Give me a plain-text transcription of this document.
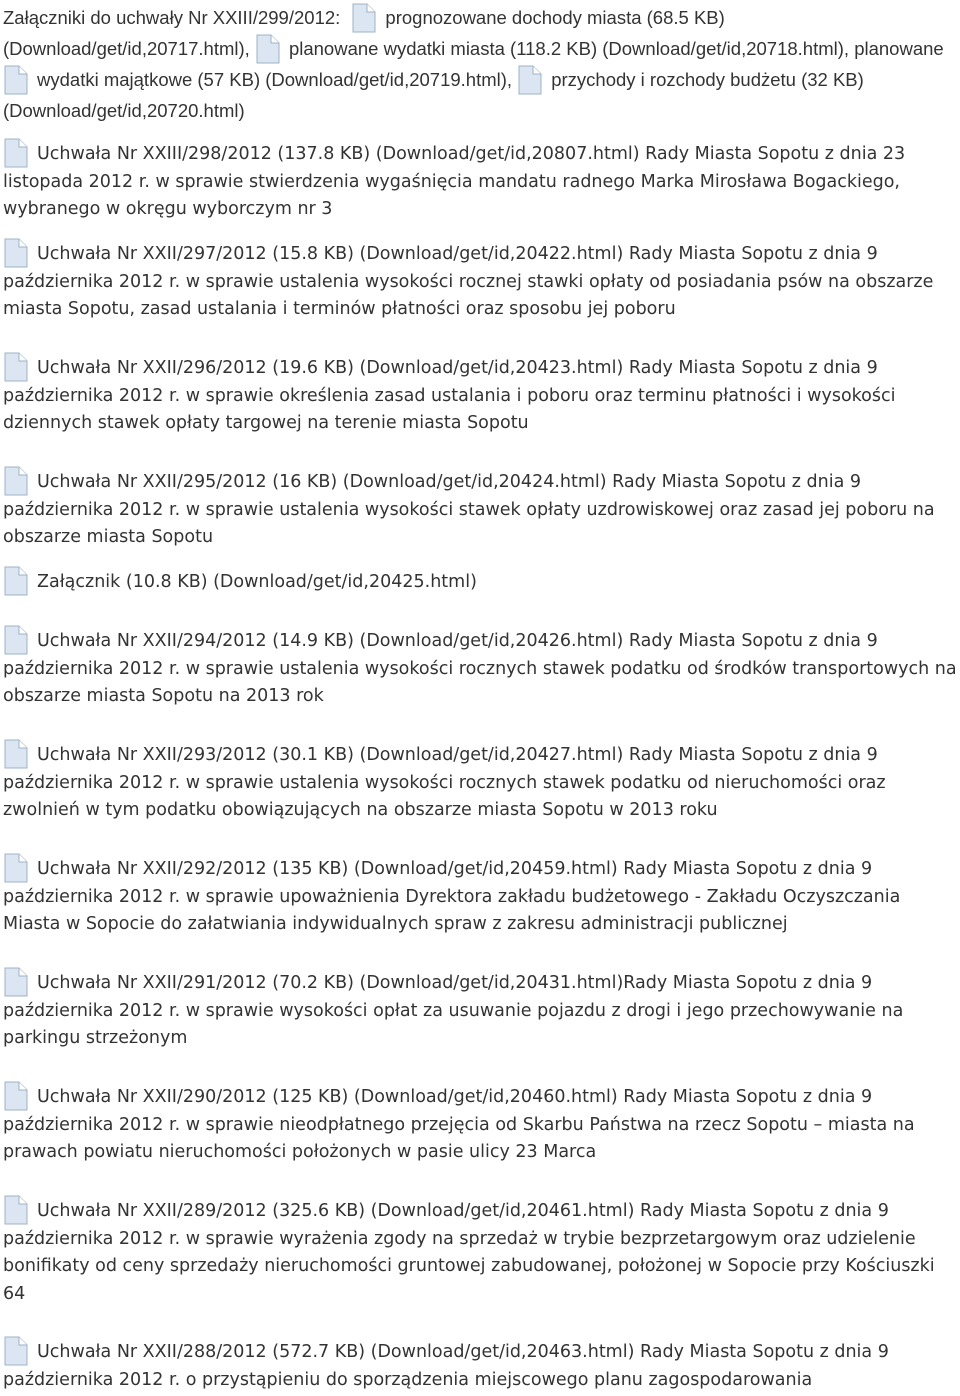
Załączniki do uchwały Nr XXIII/299/2012:
prognozowane dochody miasta (68.5 KB) (Download/get/id,20717.html),
planowane wydatki miasta (118.2 KB) (Download/get/id,20718.html), planowane
wydatki majątkowe (57 KB) (Download/get/id,20719.html),
przychody i rozchody budżetu (32 KB) (Download/get/id,20720.html)
Uchwała Nr XXIII/298/2012 (137.8 KB) (Download/get/id,20807.html) Rady Miasta Sopotu z dnia 23 listopada 2012 r. w sprawie stwierdzenia wygaśnięcia mandatu radnego Marka Mirosława Bogackiego, wybranego w okręgu wyborczym nr 3
Uchwała Nr XXII/297/2012 (15.8 KB) (Download/get/id,20422.html) Rady Miasta Sopotu z dnia 9 października 2012 r. w sprawie ustalenia wysokości rocznej stawki opłaty od posiadania psów na obszarze miasta Sopotu, zasad ustalania i terminów płatności oraz sposobu jej poboru
Uchwała Nr XXII/296/2012 (19.6 KB) (Download/get/id,20423.html) Rady Miasta Sopotu z dnia 9 października 2012 r. w sprawie określenia zasad ustalania i poboru oraz terminu płatności i wysokości dziennych stawek opłaty targowej na terenie miasta Sopotu
Uchwała Nr XXII/295/2012 (16 KB) (Download/get/id,20424.html) Rady Miasta Sopotu z dnia 9 października 2012 r. w sprawie ustalenia wysokości stawek opłaty uzdrowiskowej oraz zasad jej poboru na obszarze miasta Sopotu
Załącznik (10.8 KB) (Download/get/id,20425.html)
Uchwała Nr XXII/294/2012 (14.9 KB) (Download/get/id,20426.html) Rady Miasta Sopotu z dnia 9 października 2012 r. w sprawie ustalenia wysokości rocznych stawek podatku od środków transportowych na obszarze miasta Sopotu na 2013 rok
Uchwała Nr XXII/293/2012 (30.1 KB) (Download/get/id,20427.html) Rady Miasta Sopotu z dnia 9 października 2012 r. w sprawie ustalenia wysokości rocznych stawek podatku od nieruchomości oraz zwolnień w tym podatku obowiązujących na obszarze miasta Sopotu w 2013 roku
Uchwała Nr XXII/292/2012 (135 KB) (Download/get/id,20459.html) Rady Miasta Sopotu z dnia 9 października 2012 r. w sprawie upoważnienia Dyrektora zakładu budżetowego - Zakładu Oczyszczania Miasta w Sopocie do załatwiania indywidualnych spraw z zakresu administracji publicznej
Uchwała Nr XXII/291/2012 (70.2 KB) (Download/get/id,20431.html)Rady Miasta Sopotu z dnia 9 października 2012 r. w sprawie wysokości opłat za usuwanie pojazdu z drogi i jego przechowywanie na parkingu strzeżonym
Uchwała Nr XXII/290/2012 (125 KB) (Download/get/id,20460.html) Rady Miasta Sopotu z dnia 9 października 2012 r. w sprawie nieodpłatnego przejęcia od Skarbu Państwa na rzecz Sopotu – miasta na prawach powiatu nieruchomości położonych w pasie ulicy 23 Marca
Uchwała Nr XXII/289/2012 (325.6 KB) (Download/get/id,20461.html) Rady Miasta Sopotu z dnia 9 października 2012 r. w sprawie wyrażenia zgody na sprzedaż w trybie bezprzetargowym oraz udzielenie bonifikaty od ceny sprzedaży nieruchomości gruntowej zabudowanej, położonej w Sopocie przy Kościuszki 64
Uchwała Nr XXII/288/2012 (572.7 KB) (Download/get/id,20463.html) Rady Miasta Sopotu z dnia 9 października 2012 r. o przystąpieniu do sporządzenia miejscowego planu zagospodarowania
